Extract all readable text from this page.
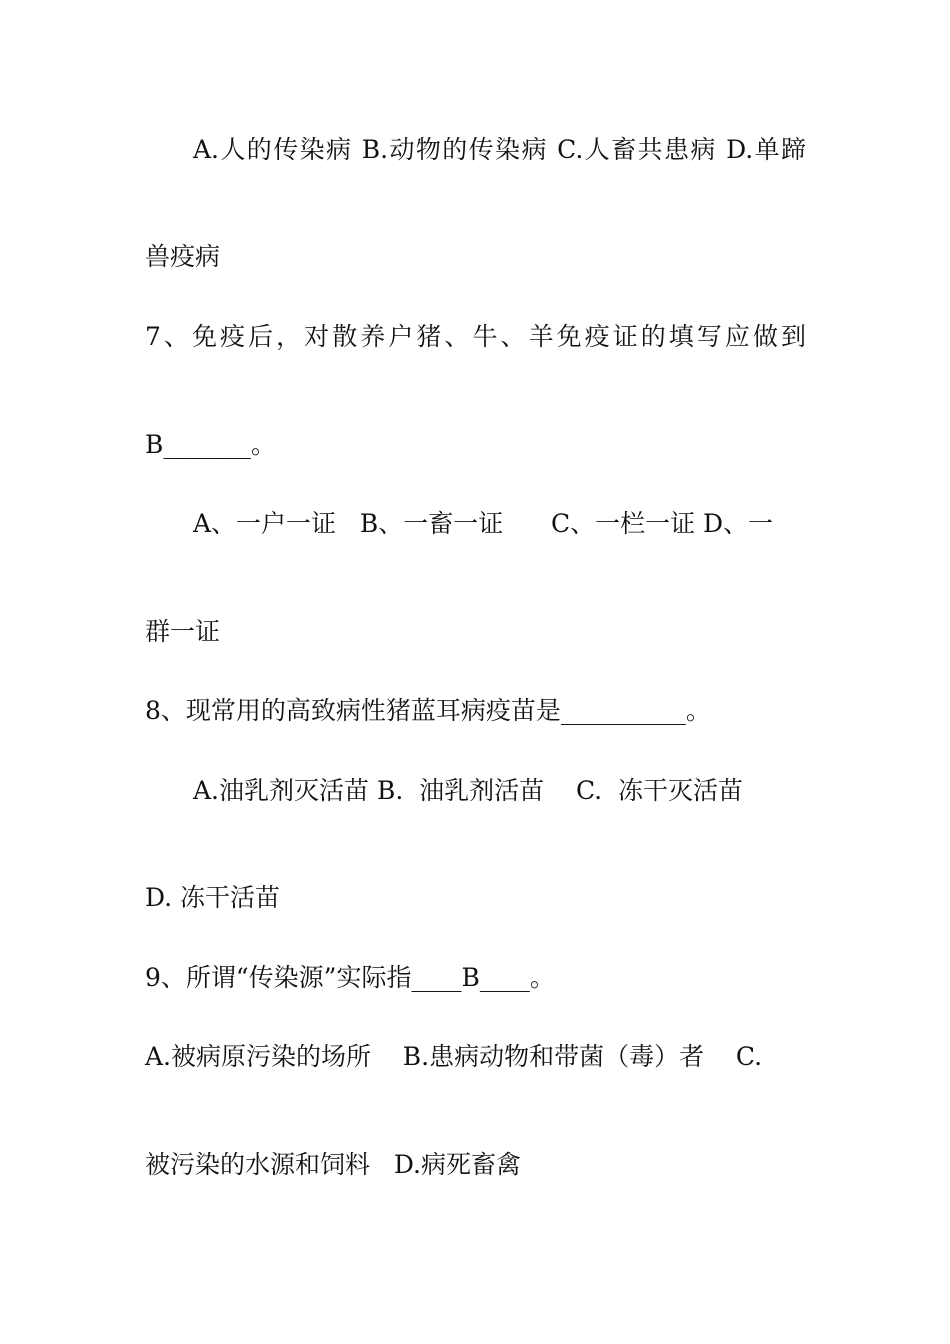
A.人的传染病 B.动物的传染病 C.人畜共患病 D.单蹄
兽疫病
7、免疫后，对散养户猪、牛、羊免疫证的填写应做到
B_______。
A、一户一证   B、一畜一证      C、一栏一证 D、一
群一证
8、现常用的高致病性猪蓝耳病疫苗是__________。
A.油乳剂灭活苗 B.  油乳剂活苗    C.  冻干灭活苗
D. 冻干活苗
9、所谓“传染源”实际指____B____。
A.被病原污染的场所    B.患病动物和带菌（毒）者    C.
被污染的水源和饲料   D.病死畜禽
